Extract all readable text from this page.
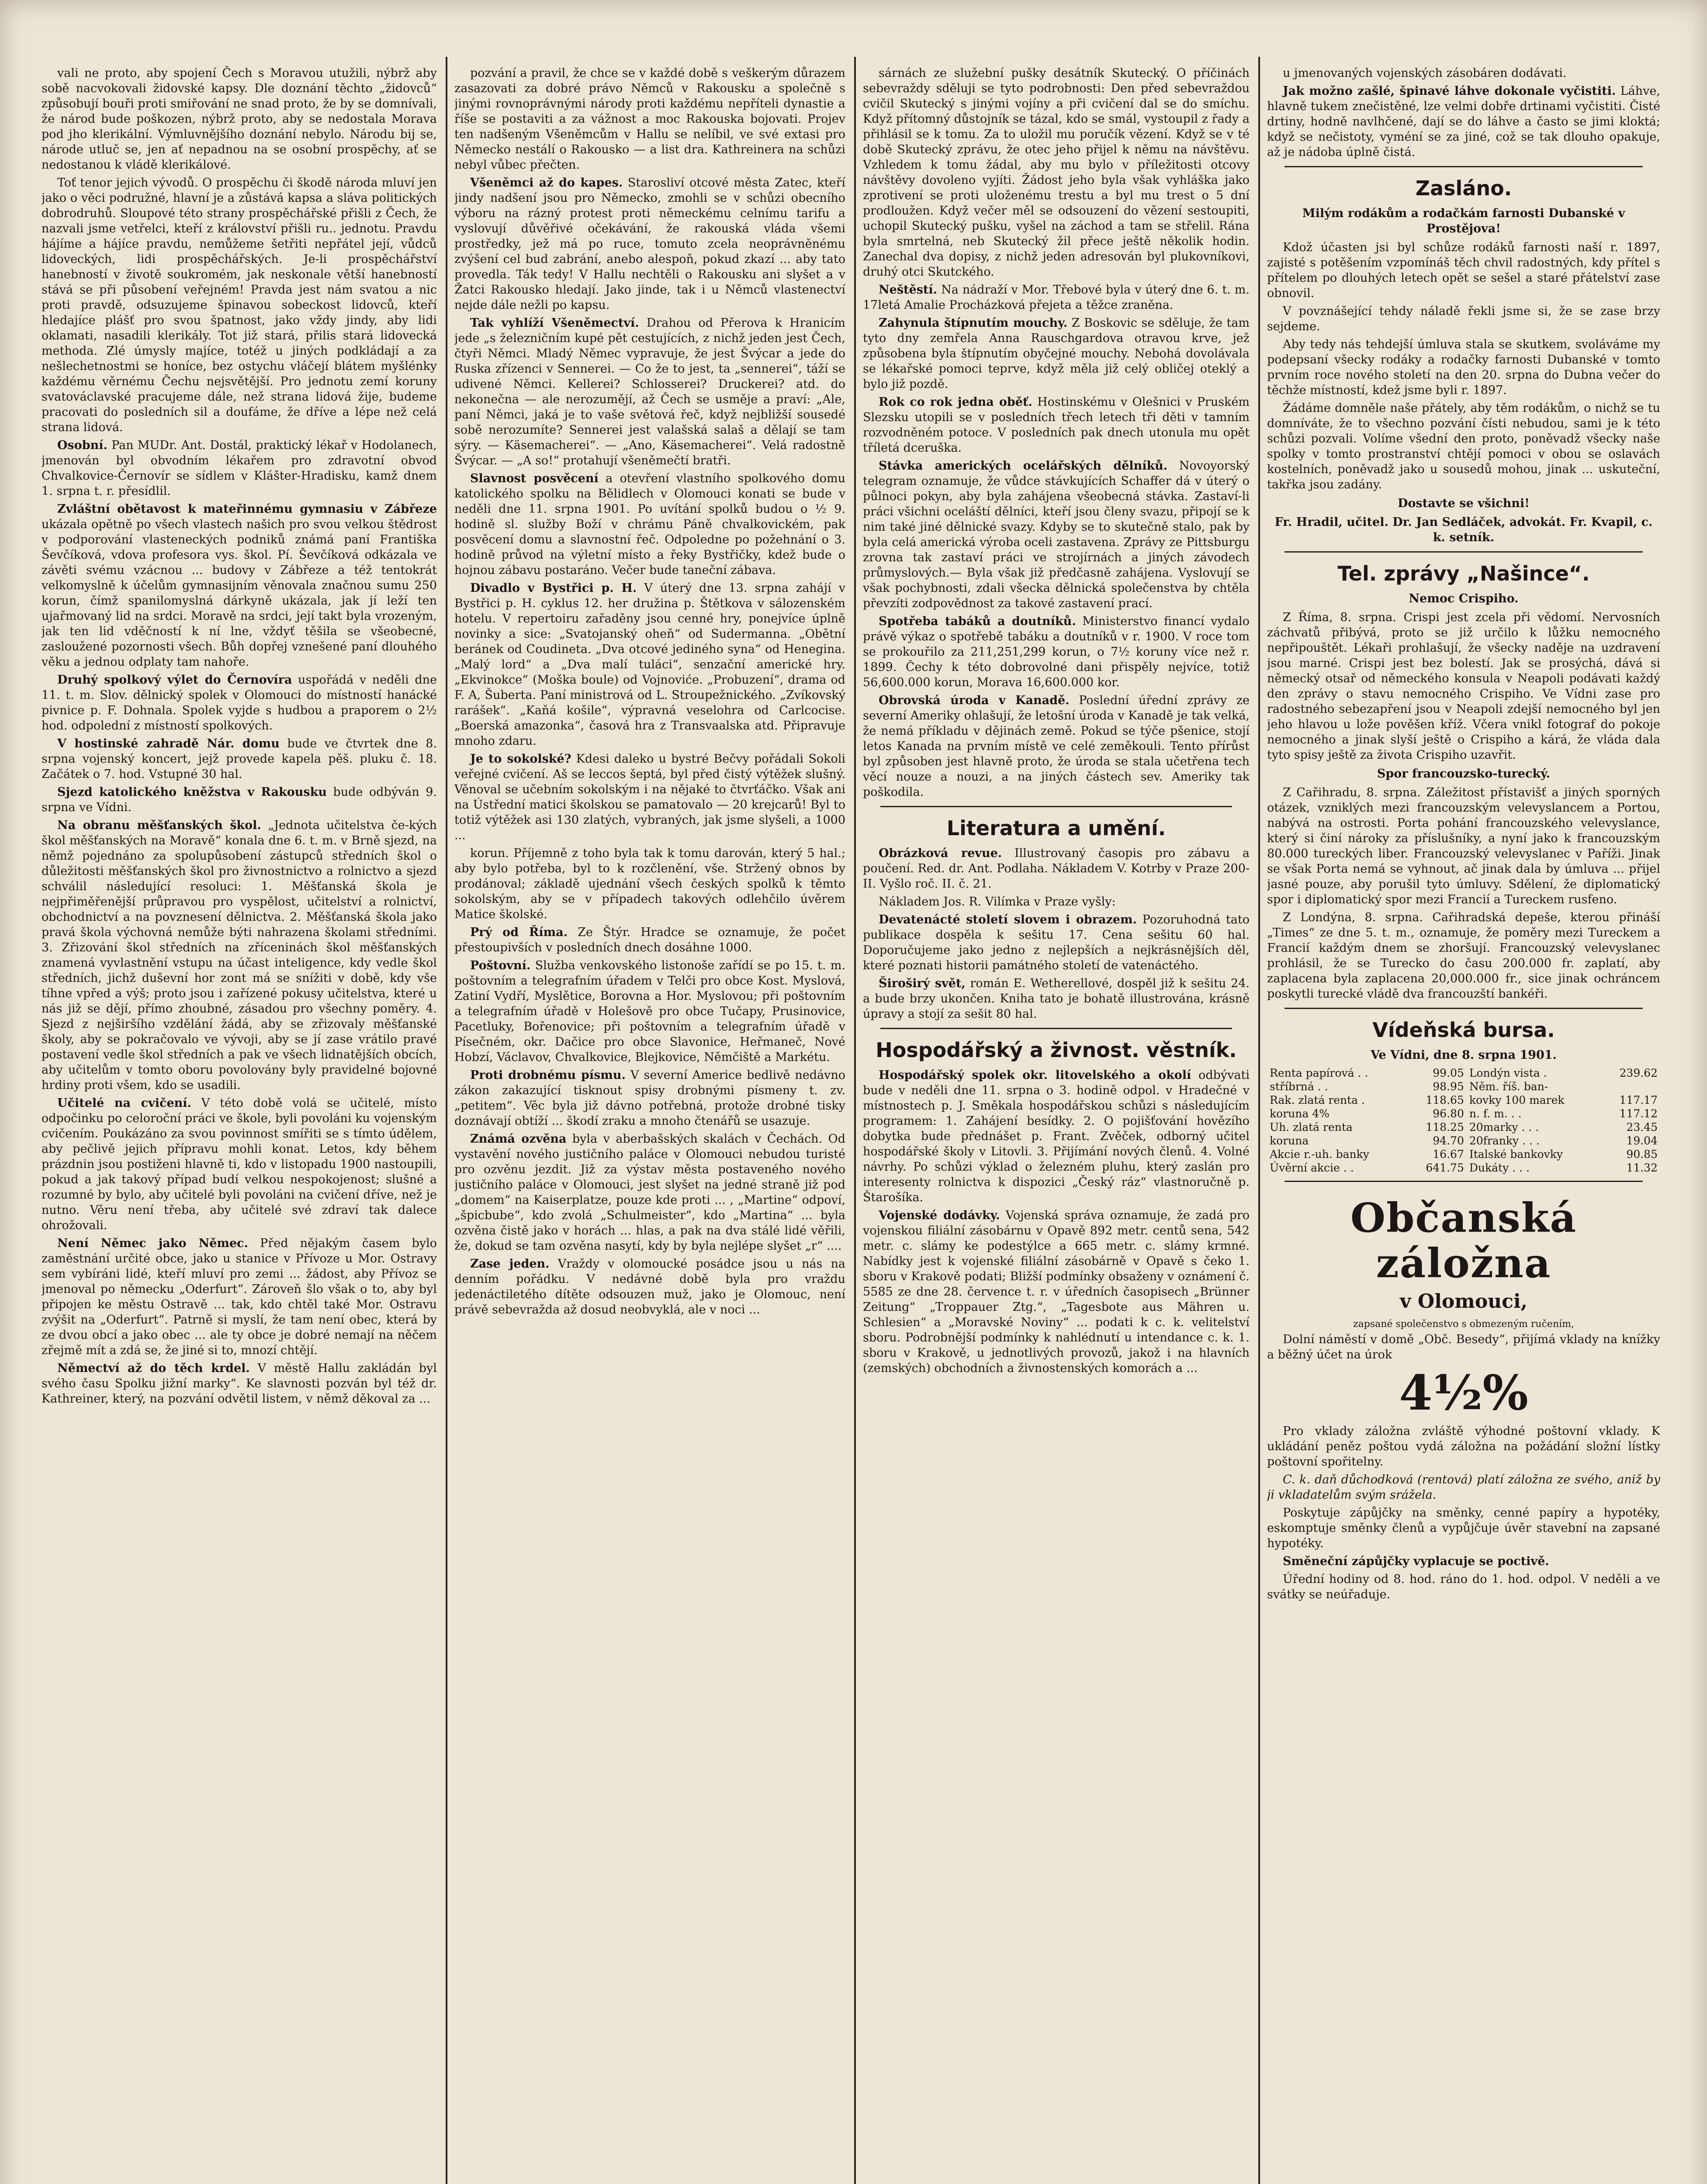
vali ne proto, aby spojení Čech s Moravou utužili, nýbrž aby sobě nacvokovali židovské kapsy. Dle doznání těchto „židovců“ způsobují bouři proti smiřování ne snad proto, že by se domnívali, že národ bude poškozen, nýbrž proto, aby se nedostala Morava pod jho klerikální. Výmluvnějšího doznání nebylo. Národu bij se, národe utluč se, jen ať nepadnou na se osobní prospěchy, ať se nedostanou k vládě klerikálové.

Toť tenor jejich vývodů. O prospěchu či škodě národa mluví jen jako o věci podružné, hlavní je a zůstává kapsa a sláva politických dobrodruhů. Sloupové této strany prospěchářské přišli z Čech, že nazvali jsme vetřelci, kteří z království přišli ru.. jednotu. Pravdu hájíme a hájíce pravdu, nemůžeme šetřiti nepřátel její, vůdců lidoveckých, lidi prospěchářských. Je-li prospěchářství hanebností v životě soukromém, jak neskonale větší hanebností stává se při působení veřejném! Pravda jest nám svatou a nic proti pravdě, odsuzujeme špinavou sobeckost lidovců, kteří hledajíce plášť pro svou špatnost, jako vždy jindy, aby lidi oklamati, nasadili klerikály. Tot již stará, přilis stará lidovecká methoda. Zlé úmysly majíce, totéž u jiných podkládají a za nešlechetnostmi se honíce, bez ostychu vláčejí blátem myšlénky každému věrnému Čechu nejsvětější. Pro jednotu zemí koruny svatováclavské pracujeme dále, než strana lidová žije, budeme pracovati do posledních sil a doufáme, že dříve a lépe než celá strana lidová.

Osobní. Pan MUDr. Ant. Dostál, praktický lékař v Hodolanech, jmenován byl obvodním lékařem pro zdravotní obvod Chvalkovice-Černovír se sídlem v Klášter-Hradisku, kamž dnem 1. srpna t. r. přesídlil.

Zvláštní obětavost k mateřinnému gymnasiu v Zábřeze ukázala opětně po všech vlastech našich pro svou velkou štědrost v podporování vlasteneckých podniků známá paní Františka Ševčíková, vdova profesora vys. škol. Pí. Ševčíková odkázala ve závěti svému vzácnou ... budovy v Zábřeze a též tentokrát velkomyslně k účelům gymnasijním věnovala značnou sumu 250 korun, čímž spanilomyslná dárkyně ukázala, jak jí leží ten ujařmovaný lid na srdci. Moravě na srdci, její takt byla vrozeným, jak ten lid vděčností k ní lne, vždyť těšila se všeobecné, zasloužené pozornosti všech. Bůh dopřej vznešené paní dlouhého věku a jednou odplaty tam nahoře.

Druhý spolkový výlet do Černovíra uspořádá v neděli dne 11. t. m. Slov. dělnický spolek v Olomouci do místností hanácké pivnice p. F. Dohnala. Spolek vyjde s hudbou a praporem o 2½ hod. odpolední z místností spolkových.

V hostinské zahradě Nár. domu bude ve čtvrtek dne 8. srpna vojenský koncert, jejž provede kapela pěš. pluku č. 18. Začátek o 7. hod. Vstupné 30 hal.

Sjezd katolického kněžstva v Rakousku bude odbýván 9. srpna ve Vídni.

Na obranu měšťanských škol. „Jednota učitelstva če-kých škol měšťanských na Moravě“ konala dne 6. t. m. v Brně sjezd, na němž pojednáno za spolupůsobení zástupců středních škol o důležitosti měšťanských škol pro živnostnictvo a rolnictvo a sjezd schválil následující resoluci: 1. Měšťanská škola je nejpřiměřenější průpravou pro vyspělost, učitelství a rolnictví, obchodnictví a na povznesení dělnictva. 2. Měšťanská škola jako pravá škola výchovná nemůže býti nahrazena školami středními. 3. Zřizování škol středních na zříceninách škol měšťanských znamená vyvlastnění vstupu na účast inteligence, kdy vedle škol středních, jichž duševní hor zont má se snížiti v době, kdy vše tíhne vpřed a výš; proto jsou i zařízené pokusy učitelstva, které u nás již se dějí, přímo zhoubné, zásadou pro všechny poměry. 4. Sjezd z nejširšího vzdělání žádá, aby se zřizovaly měšťanské školy, aby se pokračovalo ve vývoji, aby se jí zase vrátilo pravé postavení vedle škol středních a pak ve všech lidnatějších obcích, aby učitelům v tomto oboru povolovány byly pravidelné bojovné hrdiny proti všem, kdo se usadili.

Učitelé na cvičení. V této době volá se učitelé, místo odpočinku po celoroční práci ve škole, byli povoláni ku vojenským cvičením. Poukázáno za svou povinnost smířiti se s tímto údělem, aby pečlivě jejich přípravu mohli konat. Letos, kdy během prázdnin jsou postiženi hlavně ti, kdo v listopadu 1900 nastoupili, pokud a jak takový případ budí velkou nespokojenost; slušné a rozumné by bylo, aby učitelé byli povoláni na cvičení dříve, než je nutno. Věru není třeba, aby učitelé své zdraví tak dalece ohrožovali.

Není Němec jako Němec. Před nějakým časem bylo zaměstnání určité obce, jako u stanice v Přívoze u Mor. Ostravy sem vybíráni lidé, kteří mluví pro zemi ... žádost, aby Přívoz se jmenoval po německu „Oderfurt“. Zároveň šlo však o to, aby byl připojen ke městu Ostravě ... tak, kdo chtěl také Mor. Ostravu zvýšit na „Oderfurt“. Patrně si myslí, že tam není obec, která by ze dvou obcí a jako obec ... ale ty obce je dobré nemají na něčem zřejmě mít a zdá se, že jiné si to, mnozí chtějí.

Němectví až do těch krdel. V městě Hallu zakládán byl svého času Spolku jižní marky“. Ke slavnosti pozván byl též dr. Kathreiner, který, na pozvání odvětil listem, v němž děkoval za ...

pozvání a pravil, že chce se v každé době s veškerým důrazem zasazovati za dobré právo Němců v Rakousku a společně s jinými rovnoprávnými národy proti každému nepříteli dynastie a říše se postaviti a za vážnost a moc Rakouska bojovati. Projev ten nadšeným Všeněmcům v Hallu se nelíbil, ve své extasi pro Německo nestálí o Rakousko — a list dra. Kathreinera na schůzi nebyl vůbec přečten.

Všeněmci až do kapes. Starosliví otcové města Zatec, kteří jindy nadšení jsou pro Německo, zmohli se v schůzi obecního výboru na rázný protest proti německému celnímu tarifu a vyslovují důvěřivé očekávání, že rakouská vláda všemi prostředky, jež má po ruce, tomuto zcela neoprávněnému zvýšení cel bud zabrání, anebo alespoň, pokud zkazí ... aby tato provedla. Ták tedy! V Hallu nechtěli o Rakousku ani slyšet a v Žatci Rakousko hledají. Jako jinde, tak i u Němců vlastenectví nejde dále nežli po kapsu.

Tak vyhlíží Všeněmectví. Drahou od Přerova k Hranicím jede „s železničním kupé pět cestujících, z nichž jeden jest Čech, čtyři Němci. Mladý Němec vypravuje, že jest Švýcar a jede do Ruska zřízenci v Sennerei. — Co že to jest, ta „sennerei“, táží se udivené Němci. Kellerei? Schlosserei? Druckerei? atd. do nekonečna — ale nerozumějí, až Čech se usměje a praví: „Ale, paní Němci, jaká je to vaše světová řeč, když nejbližší sousedé sobě nerozumíte? Sennerei jest valašská salaš a dělají se tam sýry. — Käsemacherei“. — „Ano, Käsemacherei“. Velá radostně Švýcar. — „A so!“ protahují všeněmečtí bratři.

Slavnost posvěcení a otevření vlastního spolkového domu katolického spolku na Bělidlech v Olomouci konati se bude v neděli dne 11. srpna 1901. Po uvítání spolků budou o ½ 9. hodině sl. služby Boží v chrámu Páně chvalkovickém, pak posvěcení domu a slavnostní řeč. Odpoledne po požehnání o 3. hodině průvod na výletní místo a řeky Bystřičky, kdež bude o hojnou zábavu postaráno. Večer bude taneční zábava.

Divadlo v Bystřici p. H. V úterý dne 13. srpna zahájí v Bystřici p. H. cyklus 12. her družina p. Štětkova v sálozenském hotelu. V repertoiru zařaděny jsou cenné hry, ponejvíce úplně novinky a sice: „Svatojanský oheň“ od Sudermanna. „Obětní beránek od Coudineta. „Dva otcové jediného syna“ od Henegina. „Malý lord“ a „Dva malí tuláci“, senzační americké hry. „Ekvinokce“ (Moška boule) od Vojnoviće. „Probuzení“, drama od F. A, Šuberta. Paní ministrová od L. Stroupežnického. „Zvíkovský rarášek“. „Kaňá košile“, výpravná veselohra od Carlcocise. „Boerská amazonka“, časová hra z Transvaalska atd. Připravuje mnoho zdaru.

Je to sokolské? Kdesi daleko u bystré Bečvy pořádali Sokoli veřejné cvičení. Aš se leccos šeptá, byl před čistý výtěžek slušný. Věnoval se učebním sokolským i na nějaké to čtvrťáčko. Však ani na Ústřední matici školskou se pamatovalo — 20 krejcarů! Byl to totiž výtěžek asi 130 zlatých, vybraných, jak jsme slyšeli, a 1000 ...

korun. Příjemně z toho byla tak k tomu darován, který 5 hal.; aby bylo potřeba, byl to k rozčlenění, vše. Stržený obnos by prodánoval; základě ujednání všech českých spolků k těmto sokolským, aby se v případech takových odlehčilo úvěrem Matice školské.

Prý od Říma. Ze Štýr. Hradce se oznamuje, že počet přestoupivších v posledních dnech dosáhne 1000.

Poštovní. Služba venkovského listonoše zařídí se po 15. t. m. poštovním a telegrafním úřadem v Telči pro obce Kost. Myslová, Zatiní Vydří, Myslětice, Borovna a Hor. Myslovou; při poštovním a telegrafním úřadě v Holešově pro obce Tučapy, Prusinovice, Pacetluky, Bořenovice; při poštovním a telegrafním úřadě v Písečném, okr. Dačice pro obce Slavonice, Heřmaneč, Nové Hobzí, Václavov, Chvalkovice, Blejkovice, Němčiště a Markétu.

Proti drobnému písmu. V severní Americe bedlivě nedávno zákon zakazující tisknout spisy drobnými písmeny t. zv. „petitem“. Věc byla již dávno potřebná, protože drobné tisky doznávají obtíží ... škodí zraku a mnoho čtenářů se usazuje.

Známá ozvěna byla v aberbašských skalách v Čechách. Od vystavění nového justičního paláce v Olomouci nebudou turisté pro ozvěnu jezdit. Již za výstav města postaveného nového justičního paláce v Olomouci, jest slyšet na jedné straně již pod „domem“ na Kaiserplatze, pouze kde proti ... , „Martine“ odpoví, „špicbube“, kdo zvolá „Schulmeister“, kdo „Martina“ ... byla ozvěna čistě jako v horách ... hlas, a pak na dva stálé lidé věřili, že, dokud se tam ozvěna nasytí, kdy by byla nejlépe slyšet „r“ ....

Zase jeden. Vraždy v olomoucké posádce jsou u nás na denním pořádku. V nedávné době byla pro vraždu jedenáctiletého dítěte odsouzen muž, jako je Olomouc, není právě sebevražda až dosud neobvyklá, ale v noci ...

sárnách ze služební pušky desátník Skutecký. O příčinách sebevraždy sděluji se tyto podrobnosti: Den před sebevraždou cvičil Skutecký s jinými vojíny a při cvičení dal se do smíchu. Když přítomný důstojník se tázal, kdo se smál, vystoupil z řady a přihlásil se k tomu. Za to uložil mu poručík vězení. Když se v té době Skutecký zprávu, že otec jeho přijel k němu na návštěvu. Vzhledem k tomu žádal, aby mu bylo v příležitosti otcovy návštěvy dovoleno vyjíti. Žádost jeho byla však vyhláška jako zprotivení se proti uloženému trestu a byl mu trest o 5 dní prodloužen. Když večer měl se odsouzení do vězení sestoupiti, uchopil Skutecký pušku, vyšel na záchod a tam se střelil. Rána byla smrtelná, neb Skutecký žil přece ještě několik hodin. Zanechal dva dopisy, z nichž jeden adresován byl plukovníkovi, druhý otci Skutckého.

Neštěstí. Na nádraží v Mor. Třebové byla v úterý dne 6. t. m. 17letá Amalie Procházková přejeta a těžce zraněna.

Zahynula štípnutím mouchy. Z Boskovic se sděluje, že tam tyto dny zemřela Anna Rauschgardova otravou krve, jež způsobena byla štípnutím obyčejné mouchy. Nebohá dovolávala se lékařské pomoci teprve, když měla již celý obličej oteklý a bylo již pozdě.

Rok co rok jedna oběť. Hostinskému v Olešnici v Pruském Slezsku utopili se v posledních třech letech tři děti v tamním rozvodněném potoce. V posledních pak dnech utonula mu opět tříletá dceruška.

Stávka amerických ocelářských dělníků. Novoyorský telegram oznamuje, že vůdce stávkujících Schaffer dá v úterý o půlnoci pokyn, aby byla zahájena všeobecná stávka. Zastaví-li práci všichni oceláští dělníci, kteří jsou členy svazu, připojí se k nim také jiné dělnické svazy. Kdyby se to skutečně stalo, pak by byla celá americká výroba oceli zastavena. Zprávy ze Pittsburgu zrovna tak zastaví práci ve strojírnách a jiných závodech průmyslových.— Byla však již předčasně zahájena. Vyslovují se však pochybnosti, zdali všecka dělnická společenstva by chtěla převzíti zodpovědnost za takové zastavení prací.

Spotřeba tabáků a doutníků. Ministerstvo financí vydalo právě výkaz o spotřebě tabáku a doutníků v r. 1900. V roce tom se prokouřilo za 211,251,299 korun, o 7½ koruny více než r. 1899. Čechy k této dobrovolné dani přispěly nejvíce, totiž 56,600.000 korun, Morava 16,600.000 kor.

Obrovská úroda v Kanadě. Poslední úřední zprávy ze severní Ameriky ohlašují, že letošní úroda v Kanadě je tak velká, že nemá příkladu v dějinách země. Pokud se týče pšenice, stojí letos Kanada na prvním místě ve celé zeměkouli. Tento přírůst byl způsoben jest hlavně proto, že úroda se stala učetřena tech věcí nouze a nouzi, a na jiných částech sev. Ameriky tak poškodila.

Literatura a umění.

Obrázková revue. Illustrovaný časopis pro zábavu a poučení. Red. dr. Ant. Podlaha. Nákladem V. Kotrby v Praze 200-II. Vyšlo roč. II. č. 21.

Nákladem Jos. R. Vilímka v Praze vyšly:

Devatenácté století slovem i obrazem. Pozoruhodná tato publikace dospěla k sešitu 17. Cena sešitu 60 hal. Doporučujeme jako jedno z nejlepších a nejkrásnějších děl, které poznati historii památného století de vatenáctého.

Široširý svět, román E. Wetherellové, dospěl již k sešitu 24. a bude brzy ukončen. Kniha tato je bohatě illustrována, krásně úpravy a stojí za sešit 80 hal.

Hospodářský a živnost. věstník.

Hospodářský spolek okr. litovelského a okolí odbývati bude v neděli dne 11. srpna o 3. hodině odpol. v Hradečné v místnostech p. J. Směkala hospodářskou schůzi s následujícím programem: 1. Zahájení besídky. 2. O pojišťování hovězího dobytka bude přednášet p. Frant. Zvěček, odborný učitel hospodářské školy v Litovli. 3. Přijímání nových členů. 4. Volné návrhy. Po schůzi výklad o železném pluhu, který zaslán pro interesenty rolnictva k dispozici „Český ráz“ vlastnoručně p. Štarošíka.

Vojenské dodávky. Vojenská správa oznamuje, že zadá pro vojenskou filiální zásobárnu v Opavě 892 metr. centů sena, 542 metr. c. slámy ke podestýlce a 665 metr. c. slámy krmné. Nabídky jest k vojenské filiální zásobárně v Opavě s čeko 1. sboru v Krakově podati; Bližší podmínky obsaženy v oznámení č. 5585 ze dne 28. července t. r. v úředních časopisech „Brünner Zeitung“ „Troppauer Ztg.“, „Tagesbote aus Mähren u. Schlesien“ a „Moravské Noviny“ ... podati k c. k. velitelství sboru. Podrobnější podmínky k nahlédnutí u intendance c. k. 1. sboru v Krakově, u jednotlivých provozů, jakož i na hlavních (zemských) obchodních a živnostenských komorách a ...

u jmenovaných vojenských zásobáren dodávati.

Jak možno zašlé, špinavé láhve dokonale vyčistiti. Láhve, hlavně tukem znečistěné, lze velmi dobře drtinami vyčistiti. Čisté drtiny, hodně navlhčené, dají se do láhve a často se jimi kloktá; když se nečistoty, vyméní se za jiné, což se tak dlouho opakuje, až je nádoba úplně čistá.

Zasláno.
Milým rodákům a rodačkám farnosti Dubanské v Prostějova!

Kdož účasten jsi byl schůze rodáků farnosti naší r. 1897, zajisté s potěšením vzpomínáš těch chvil radostných, kdy přítel s přítelem po dlouhých letech opět se sešel a staré přátelství zase obnovil.

V povznášející tehdy náladě řekli jsme si, že se zase brzy sejdeme.

Aby tedy nás tehdejší úmluva stala se skutkem, svoláváme my podepsaní všecky rodáky a rodačky farnosti Dubanské v tomto prvním roce nového století na den 20. srpna do Dubna večer do těchže místností, kdež jsme byli r. 1897.

Žádáme domněle naše přátely, aby těm rodákům, o nichž se tu domníváte, že to všechno pozvání čísti nebudou, sami je k této schůzi pozvali. Volíme všední den proto, poněvadž všecky naše spolky v tomto prostranství chtějí pomoci v obou se oslavách kostelních, poněvadž jako u sousedů mohou, jinak ... uskuteční, takřka jsou zadány.

Dostavte se všichni!
Fr. Hradil, učitel. Dr. Jan Sedláček, advokát. Fr. Kvapil, c. k. setník.
Tel. zprávy „Našince“.
Nemoc Crispiho.

Z Říma, 8. srpna. Crispi jest zcela při vědomí. Nervosních záchvatů přibývá, proto se již určilo k lůžku nemocného nepřipouštět. Lékaři prohlašují, že všecky naděje na uzdravení jsou marné. Crispi jest bez bolestí. Jak se prosýchá, dává si německý otsař od německého konsula v Neapoli podávati každý den zprávy o stavu nemocného Crispiho. Ve Vídni zase pro radostného sebezapření jsou v Neapoli zdejší nemocného byl jen jeho hlavou u lože pověšen kříž. Včera vnikl fotograf do pokoje nemocného a jinak slyší ještě o Crispiho a kárá, že vláda dala tyto spisy ještě za života Crispiho uzavřit.

Spor francouzsko-turecký.

Z Cařihradu, 8. srpna. Záležitost přístavišť a jiných sporných otázek, vzniklých mezi francouzským velevyslancem a Portou, nabývá na ostrosti. Porta pohání francouzského velevyslance, který si činí nároky za příslušníky, a nyní jako k francouzským 80.000 tureckých liber. Francouzský velevyslanec v Paříži. Jinak se však Porta nemá se vyhnout, ač jinak dala by úmluva ... přijel jasné pouze, aby porušil tyto úmluvy. Sdělení, že diplomatický spor i diplomatický spor mezi Francií a Tureckem rusfeno.

Z Londýna, 8. srpna. Cařihradská depeše, kterou přináší „Times“ ze dne 5. t. m., oznamuje, že poměry mezi Tureckem a Francií každým dnem se zhoršují. Francouzský velevyslanec prohlásil, že se Turecko do času 200.000 fr. zaplatí, aby zaplacena byla zaplacena 20,000.000 fr., sice jinak ochráncem poskytli turecké vládě dva francouzští bankéři.

Vídeňská bursa.
Ve Vídni, dne 8. srpna 1901.
Renta papírová . .	99.05	Londýn vista .	239.62
stříbrná . .	98.95	Něm. říš. ban-	
Rak. zlatá renta .	118.65	kovky 100 marek	117.17
koruna 4%	96.80	n. f. m. . .	117.12
Uh. zlatá renta	118.25	20marky . . .	23.45
koruna	94.70	20franky . . .	19.04
Akcie r.-uh. banky	16.67	Italské bankovky	90.85
Úvěrní akcie . .	641.75	Dukáty . . .	11.32
Občanská záložna
v Olomouci,
zapsané společenstvo s obmezeným ručením,

Dolní náměstí v domě „Obč. Besedy“, přijímá vklady na knížky a běžný účet na úrok

4½%

Pro vklady záložna zvláště výhodné poštovní vklady. K ukládání peněz poštou vydá záložna na požádání složní lístky poštovní spořitelny.

C. k. daň důchodková (rentová) platí záložna ze svého, aniž by ji vkladatelům svým srážela.

Poskytuje zápůjčky na směnky, cenné papíry a hypotéky, eskomptuje směnky členů a vypůjčuje úvěr stavební na zapsané hypotéky.

Směneční zápůjčky vyplacuje se poctivě.

Úřední hodiny od 8. hod. ráno do 1. hod. odpol. V neděli a ve svátky se neúřaduje.
